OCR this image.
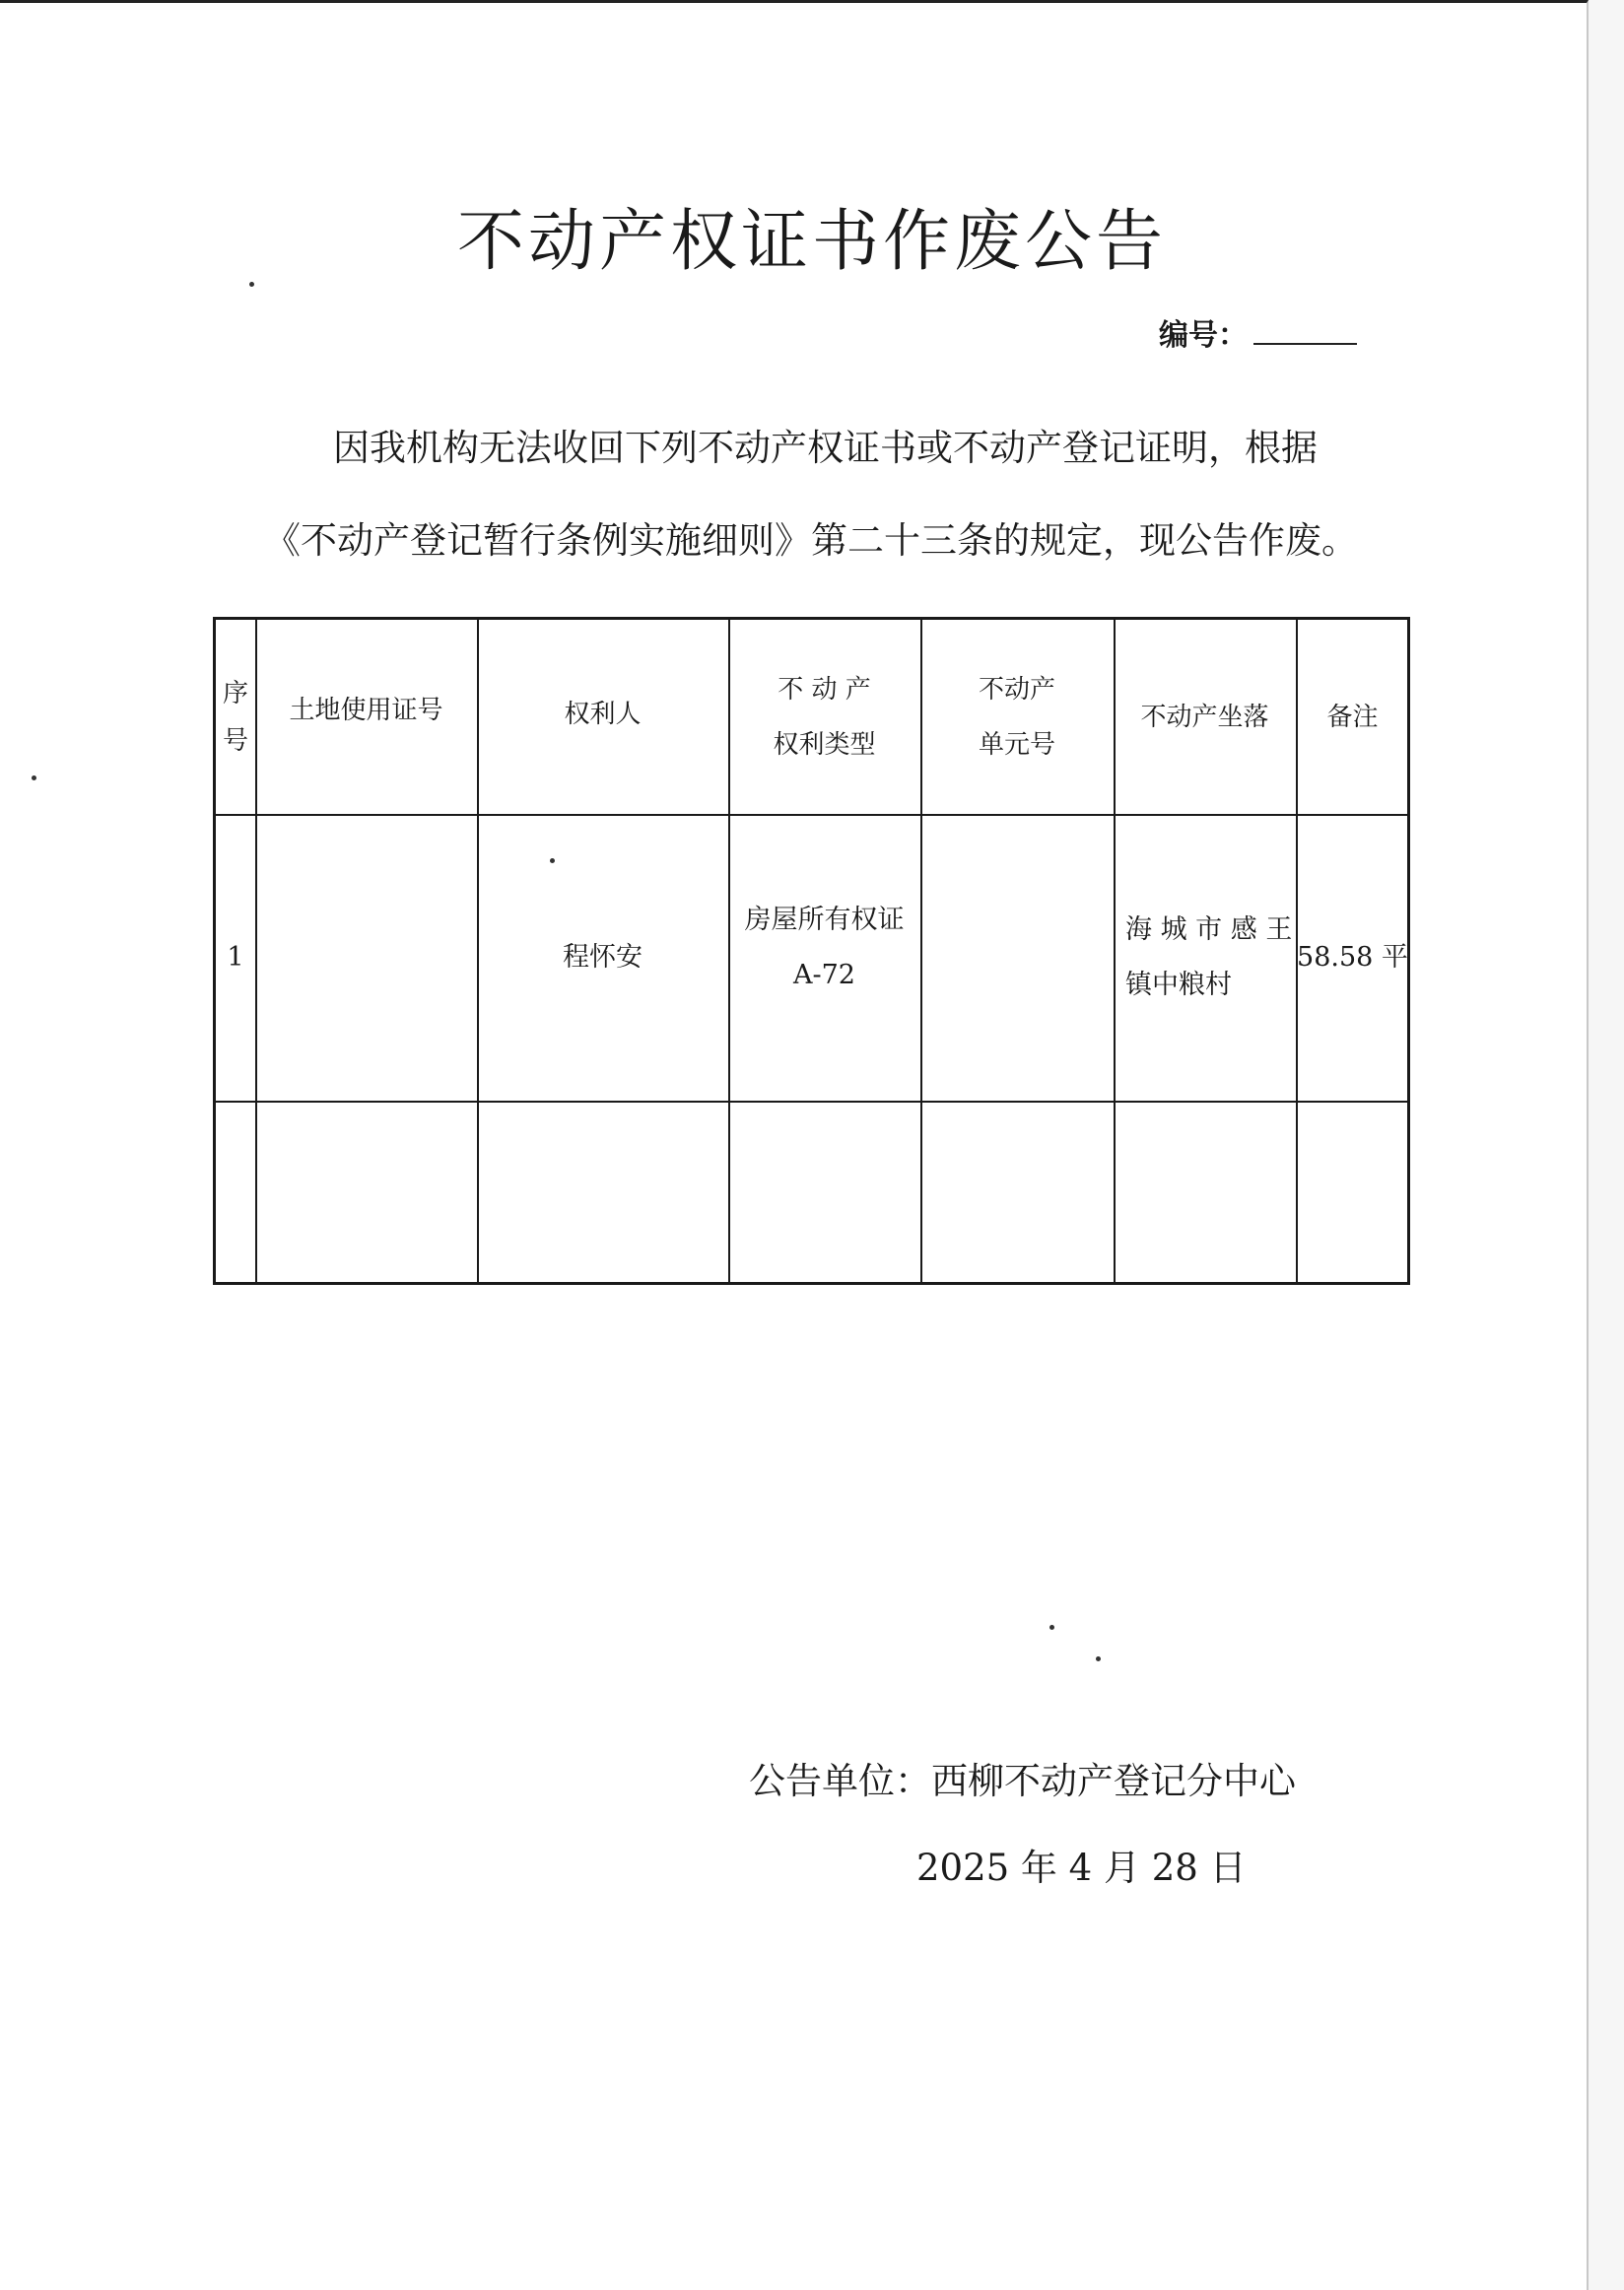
不动产权证书作废公告
编号：
因我机构无法收回下列不动产权证书或不动产登记证明，根据
《不动产登记暂行条例实施细则》第二十三条的规定，现公告作废。
序
号
土地使用证号	权利人
不 动 产
权利类型
不动产
单元号
不动产坐落 备注
1	程怀安
房屋所有权证
A-72
海 城 市 感 王
镇中粮村
58.58 平
公告单位：西柳不动产登记分中心
2025 年 4 月 28 日
